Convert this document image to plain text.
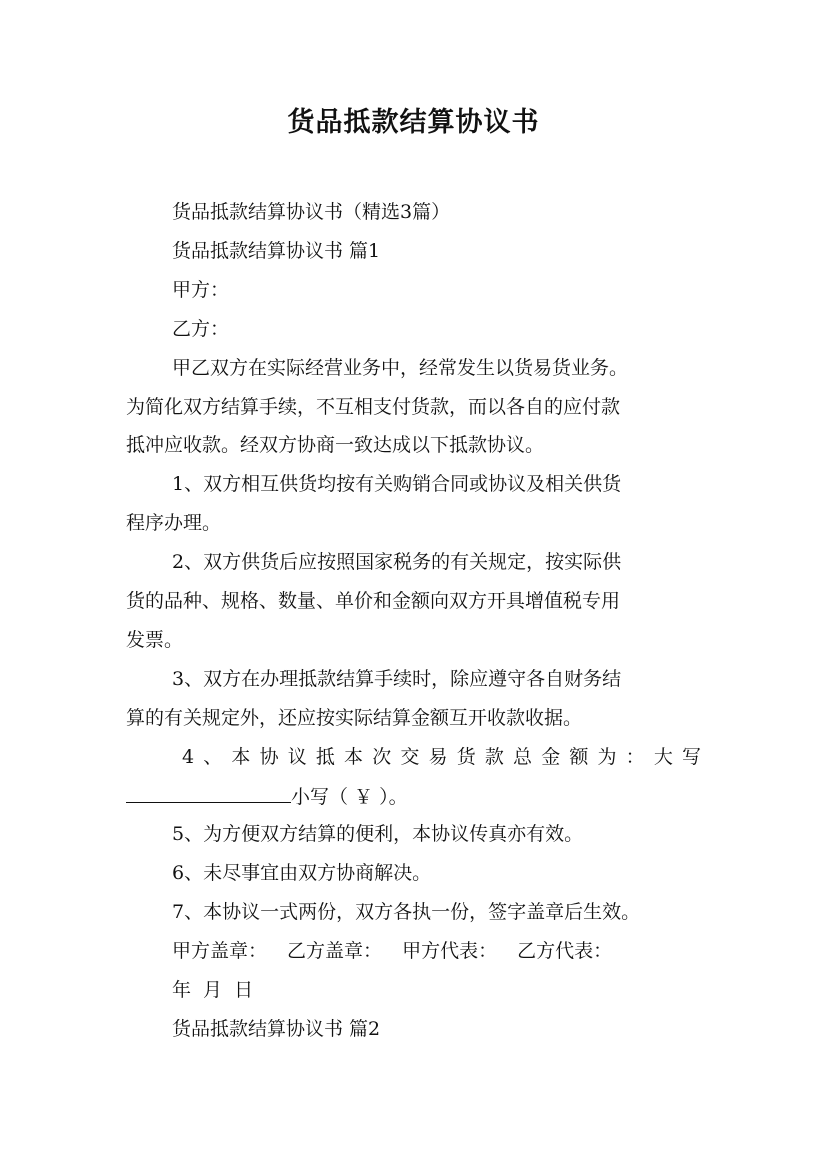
货品抵款结算协议书
货品抵款结算协议书（精选3篇）
货品抵款结算协议书 篇1
甲方：
乙方：
甲乙双方在实际经营业务中，经常发生以货易货业务。
为简化双方结算手续，不互相支付货款，而以各自的应付款
抵冲应收款。经双方协商一致达成以下抵款协议。
1、双方相互供货均按有关购销合同或协议及相关供货
程序办理。
2、双方供货后应按照国家税务的有关规定，按实际供
货的品种、规格、数量、单价和金额向双方开具增值税专用
发票。
3、双方在办理抵款结算手续时，除应遵守各自财务结
算的有关规定外，还应按实际结算金额互开收款收据。
4、本协议抵本次交易货款总金额为：大写
小写（ ￥ ）。
5、为方便双方结算的便利，本协议传真亦有效。
6、未尽事宜由双方协商解决。
7、本协议一式两份，双方各执一份，签字盖章后生效。
甲方盖章： 乙方盖章： 甲方代表： 乙方代表：
年 月 日
货品抵款结算协议书 篇2
